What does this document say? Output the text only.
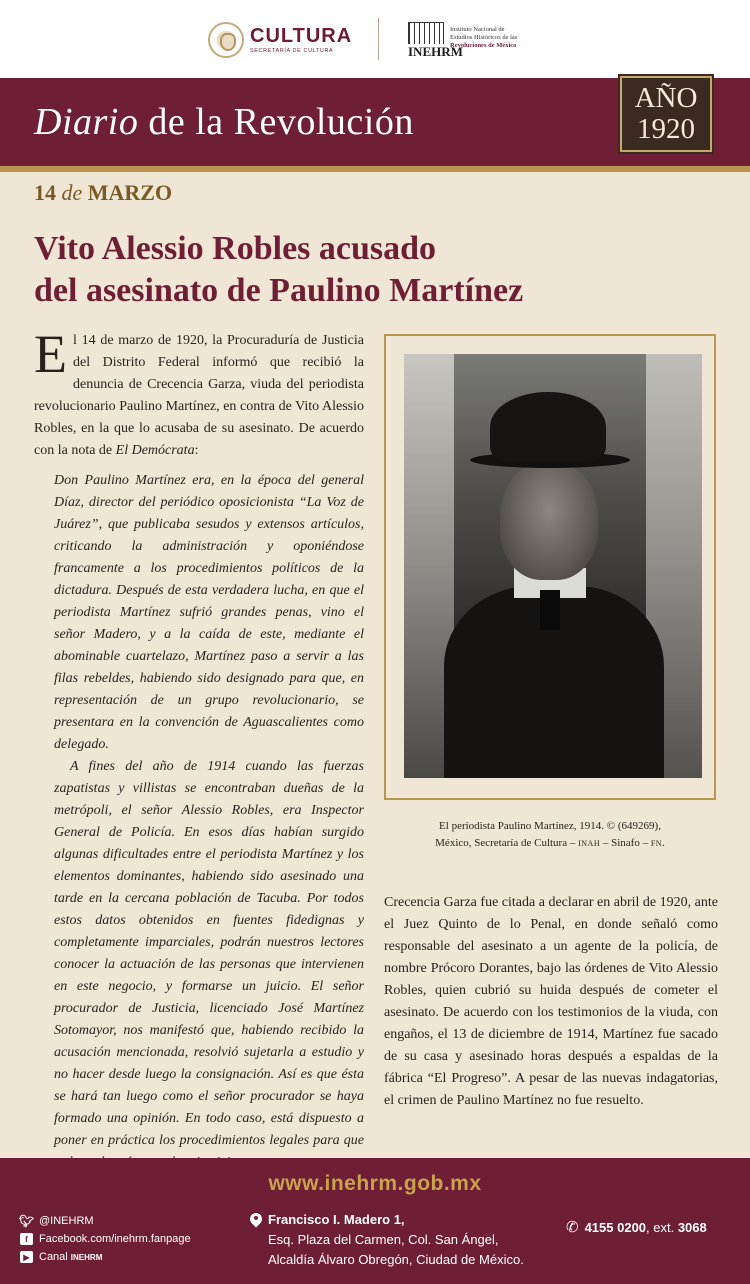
CULTURA
SECRETARÍA DE CULTURA	INEHRM
Instituto Nacional de
Estudios Históricos de las
Revoluciones de México
Diario de la Revolución
AÑO
1920
14 de MARZO
Vito Alessio Robles acusado
del asesinato de Paulino Martínez

El 14 de marzo de 1920, la Procuraduría de Justicia del Distrito Federal informó que recibió la denuncia de Crecencia Garza, viuda del periodista revolucionario Paulino Martínez, en contra de Vito Alessio Robles, en la que lo acusaba de su asesinato. De acuerdo con la nota de El Demócrata:

Don Paulino Martínez era, en la época del general Díaz, director del periódico oposicionista “La Voz de Juárez”, que publicaba sesudos y extensos artículos, criticando la administración y oponiéndose francamente a los procedimientos políticos de la dictadura. Después de esta verdadera lucha, en que el periodista Martínez sufrió grandes penas, vino el señor Madero, y a la caída de este, mediante el abominable cuartelazo, Martínez paso a servir a las filas rebeldes, habiendo sido designado para que, en representación de un grupo revolucionario, se presentara en la convención de Aguascalientes como delegado.

A fines del año de 1914 cuando las fuerzas zapatistas y villistas se encontraban dueñas de la metrópoli, el señor Alessio Robles, era Inspector General de Policía. En esos días habían surgido algunas dificultades entre el periodista Martínez y los elementos dominantes, habiendo sido asesinado una tarde en la cercana población de Tacuba. Por todos estos datos obtenidos en fuentes fidedignas y completamente imparciales, podrán nuestros lectores conocer la actuación de las personas que intervienen en este negocio, y formarse un juicio. El señor procurador de Justicia, licenciado José Martínez Sotomayor, nos manifestó que, habiendo recibido la acusación mencionada, resolvió sujetarla a estudio y no hacer desde luego la consignación. Así es que ésta se hará tan luego como el señor procurador se haya formado una opinión. En todo caso, está dispuesto a poner en práctica los procedimientos legales para que

El periodista Paulino Martínez, 1914. © (649269),
México, Secretaría de Cultura – INAH – Sinafo – FN.

Crecencia Garza fue citada a declarar en abril de 1920, ante el Juez Quinto de lo Penal, en donde señaló como responsable del asesinato a un agente de la policía, de nombre Prócoro Dorantes, bajo las órdenes de Vito Alessio Robles, quien cubrió su huida después de cometer el asesinato. De acuerdo con los testimonios de la viuda, con engaños, el 13 de diciembre de 1914, Martínez fue sacado de su casa y asesinado horas después a espaldas de la fábrica “El Progreso”. A pesar de las nuevas indagatorias, el crimen de Paulino Martínez no fue resuelto.

www.inehrm.gob.mx
🐦︎ @INEHRM
f	Facebook.com/inehrm.fanpage
▶ Canal INEHRM
Francisco I. Madero 1,
Esq. Plaza del Carmen, Col. San Ángel,
Alcaldía Álvaro Obregón, Ciudad de México.
✆ 4155 0200, ext. 3068
